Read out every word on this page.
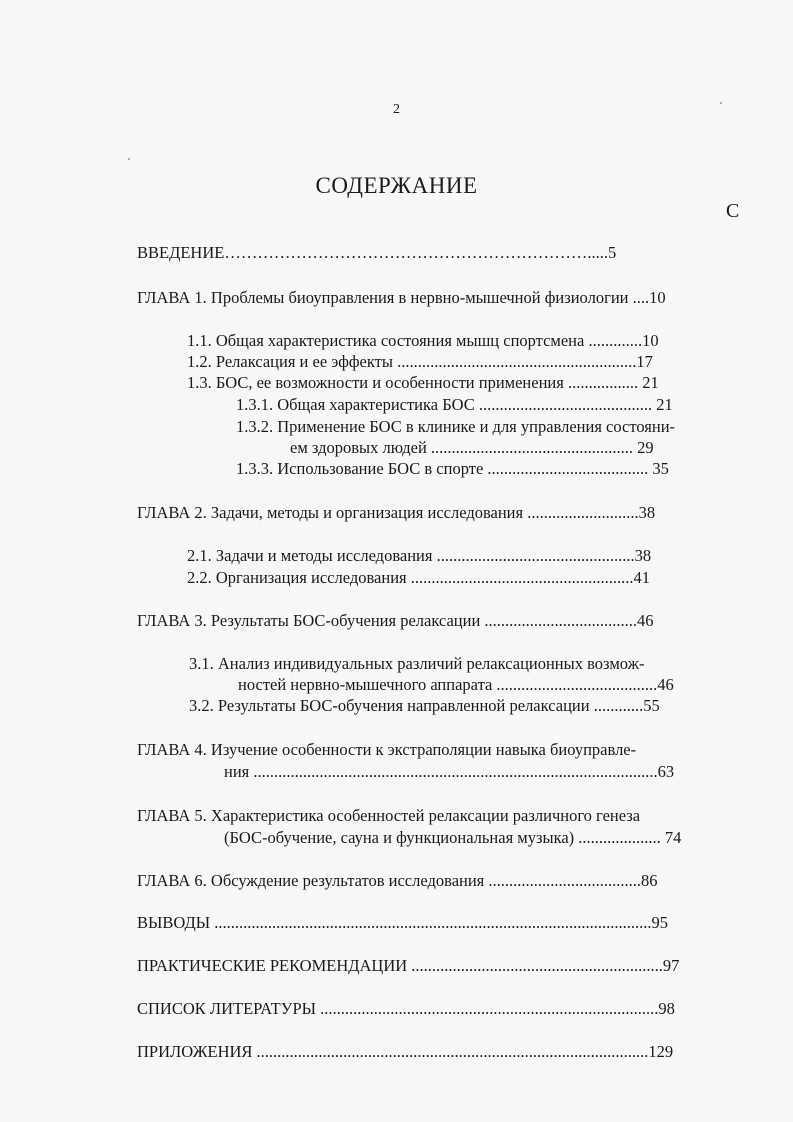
2
СОДЕРЖАНИЕ
С
ВВЕДЕНИЕ………………………………………………………….....5
ГЛАВА 1. Проблемы биоуправления в нервно-мышечной физиологии ....10
1.1. Общая характеристика состояния мышц спортсмена .............10
1.2. Релаксация и ее эффекты ..........................................................17
1.3. БОС, ее возможности и особенности применения ................. 21
1.3.1. Общая характеристика БОС .......................................... 21
1.3.2. Применение БОС в клинике и для управления состояни-
ем здоровых людей ................................................. 29
1.3.3. Использование БОС в спорте ....................................... 35
ГЛАВА 2. Задачи, методы и организация исследования ...........................38
2.1. Задачи и методы исследования ................................................38
2.2. Организация исследования ......................................................41
ГЛАВА 3. Результаты БОС-обучения релаксации .....................................46
3.1. Анализ индивидуальных различий релаксационных возмож-
ностей нервно-мышечного аппарата .......................................46
3.2. Результаты БОС-обучения направленной релаксации ............55
ГЛАВА 4. Изучение особенности к экстраполяции навыка биоуправле-
ния ..................................................................................................63
ГЛАВА 5. Характеристика особенностей релаксации различного генеза
(БОС-обучение, сауна и функциональная музыка) .................... 74
ГЛАВА 6. Обсуждение результатов исследования .....................................86
ВЫВОДЫ ..........................................................................................................95
ПРАКТИЧЕСКИЕ РЕКОМЕНДАЦИИ .............................................................97
СПИСОК ЛИТЕРАТУРЫ ..................................................................................98
ПРИЛОЖЕНИЯ ...............................................................................................129
